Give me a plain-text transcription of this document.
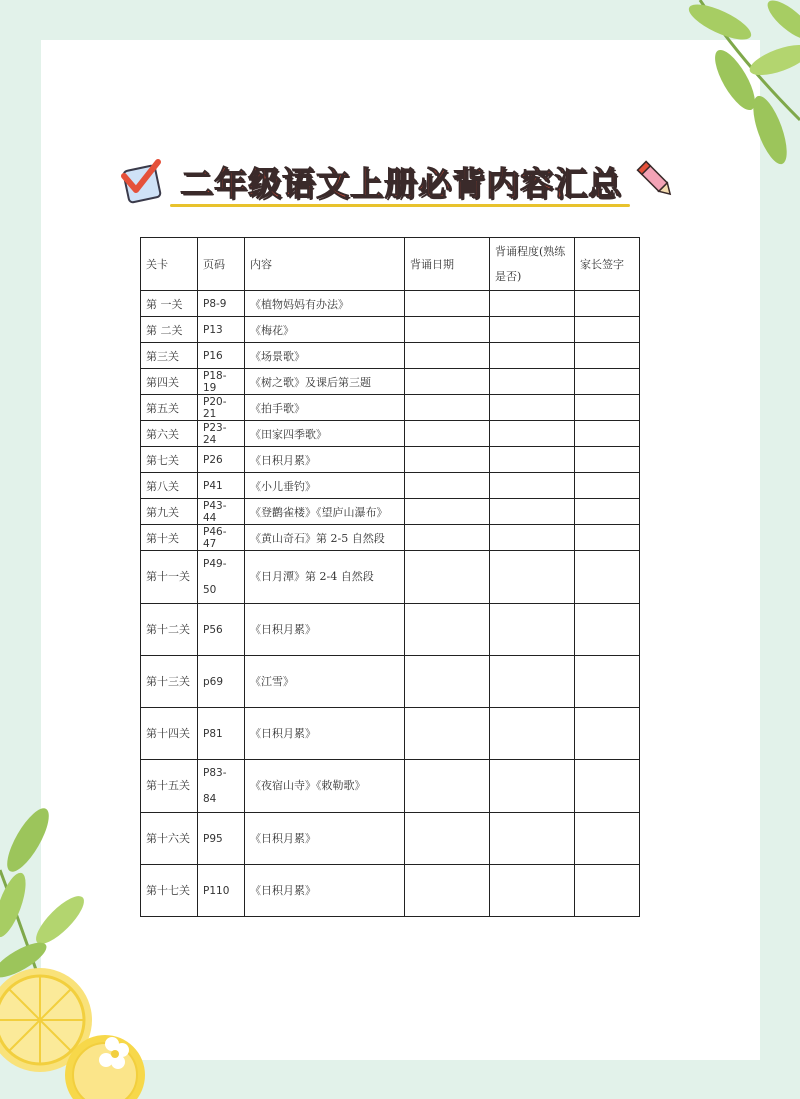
二年级语文上册必背内容汇总
关卡	页码	内容	背诵日期	背诵程度(熟练是否)	家长签字
第 一关	P8-9	《植物妈妈有办法》			
第 二关	P13	《梅花》			
第三关	P16	《场景歌》			
第四关	P18-19	《树之歌》及课后第三题			
第五关	P20-21	《拍手歌》			
第六关	P23-24	《田家四季歌》			
第七关	P26	《日积月累》			
第八关	P41	《小儿垂钓》			
第九关	P43-44	《登鹳雀楼》《望庐山瀑布》			
第十关	P46-47	《黄山奇石》第 2-5 自然段			
第十一关	P49-50	《日月潭》第 2-4 自然段			
第十二关	P56	《日积月累》			
第十三关	p69	《江雪》			
第十四关	P81	《日积月累》			
第十五关	P83-84	《夜宿山寺》《敕勒歌》			
第十六关	P95	《日积月累》			
第十七关	P110	《日积月累》			
